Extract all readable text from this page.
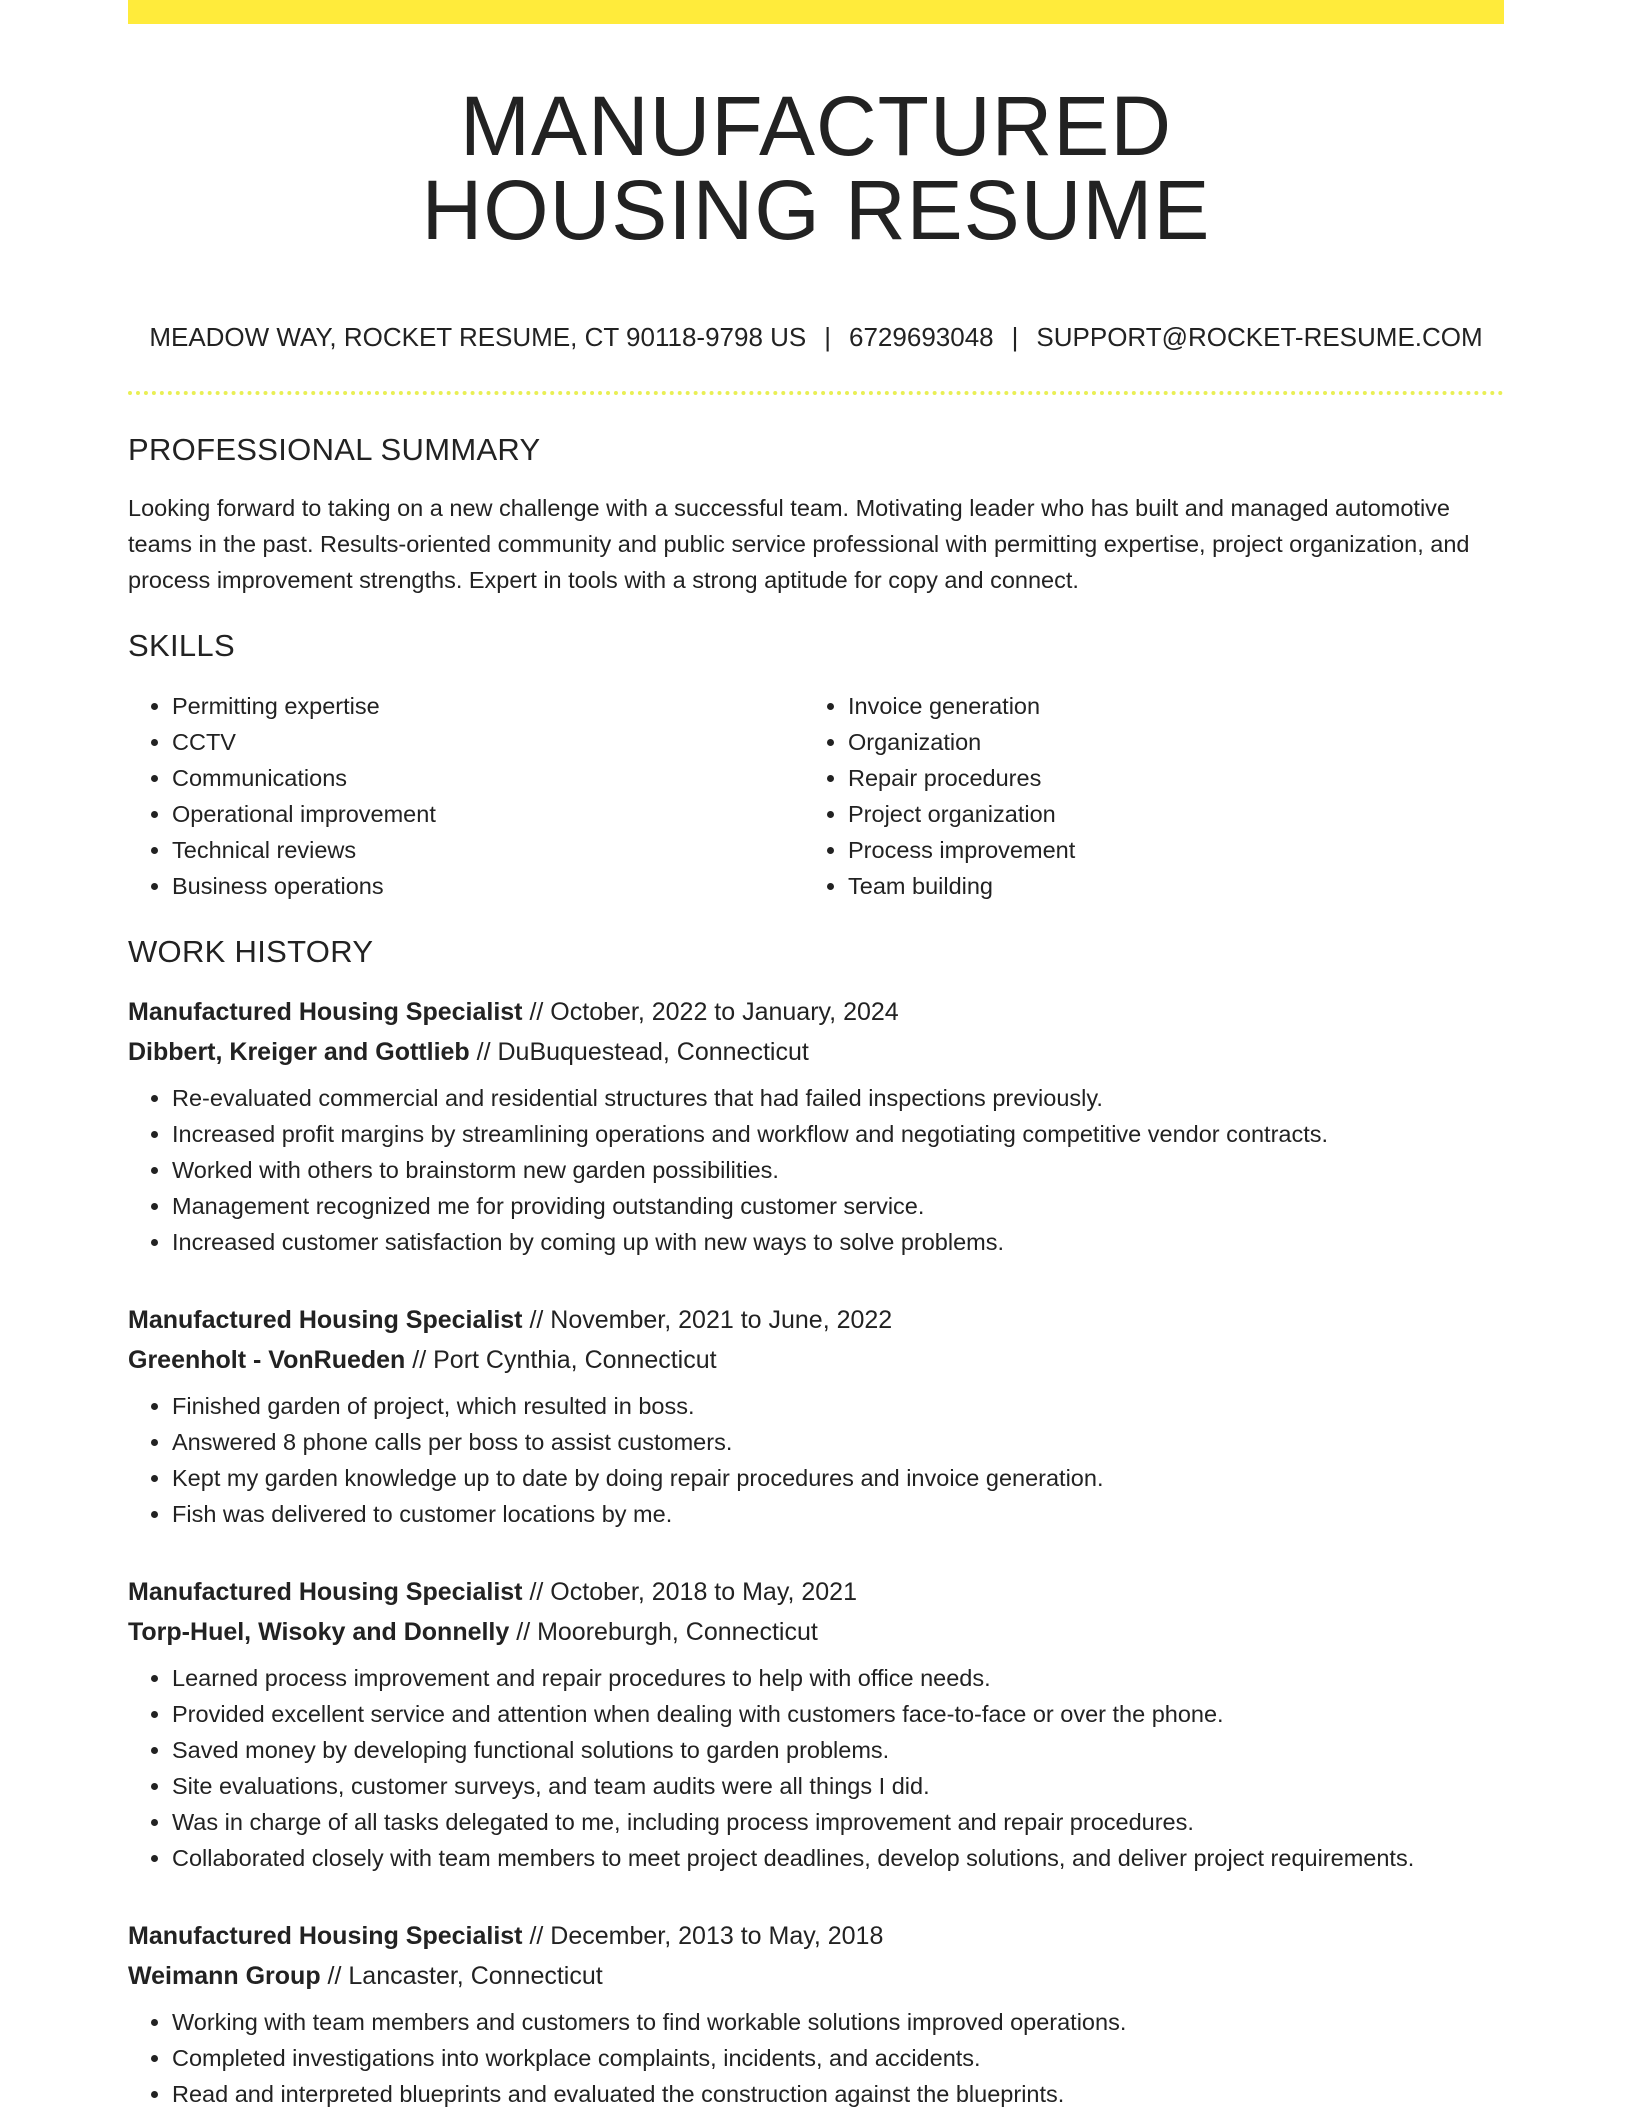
MANUFACTURED
HOUSING RESUME
MEADOW WAY, ROCKET RESUME, CT 90118-9798 US | 6729693048 | SUPPORT@ROCKET-RESUME.COM
PROFESSIONAL SUMMARY

Looking forward to taking on a new challenge with a successful team. Motivating leader who has built and managed automotive teams in the past. Results-oriented community and public service professional with permitting expertise, project organization, and process improvement strengths. Expert in tools with a strong aptitude for copy and connect.

SKILLS
• Permitting expertise
• CCTV
• Communications
• Operational improvement
• Technical reviews
• Business operations
• Invoice generation
• Organization
• Repair procedures
• Project organization
• Process improvement
• Team building
WORK HISTORY
Manufactured Housing Specialist // October, 2022 to January, 2024
Dibbert, Kreiger and Gottlieb // DuBuquestead, Connecticut
• Re-evaluated commercial and residential structures that had failed inspections previously.
• Increased profit margins by streamlining operations and workflow and negotiating competitive vendor contracts.
• Worked with others to brainstorm new garden possibilities.
• Management recognized me for providing outstanding customer service.
• Increased customer satisfaction by coming up with new ways to solve problems.
Manufactured Housing Specialist // November, 2021 to June, 2022
Greenholt - VonRueden // Port Cynthia, Connecticut
• Finished garden of project, which resulted in boss.
• Answered 8 phone calls per boss to assist customers.
• Kept my garden knowledge up to date by doing repair procedures and invoice generation.
• Fish was delivered to customer locations by me.
Manufactured Housing Specialist // October, 2018 to May, 2021
Torp-Huel, Wisoky and Donnelly // Mooreburgh, Connecticut
• Learned process improvement and repair procedures to help with office needs.
• Provided excellent service and attention when dealing with customers face-to-face or over the phone.
• Saved money by developing functional solutions to garden problems.
• Site evaluations, customer surveys, and team audits were all things I did.
• Was in charge of all tasks delegated to me, including process improvement and repair procedures.
• Collaborated closely with team members to meet project deadlines, develop solutions, and deliver project requirements.
Manufactured Housing Specialist // December, 2013 to May, 2018
Weimann Group // Lancaster, Connecticut
• Working with team members and customers to find workable solutions improved operations.
• Completed investigations into workplace complaints, incidents, and accidents.
• Read and interpreted blueprints and evaluated the construction against the blueprints.
